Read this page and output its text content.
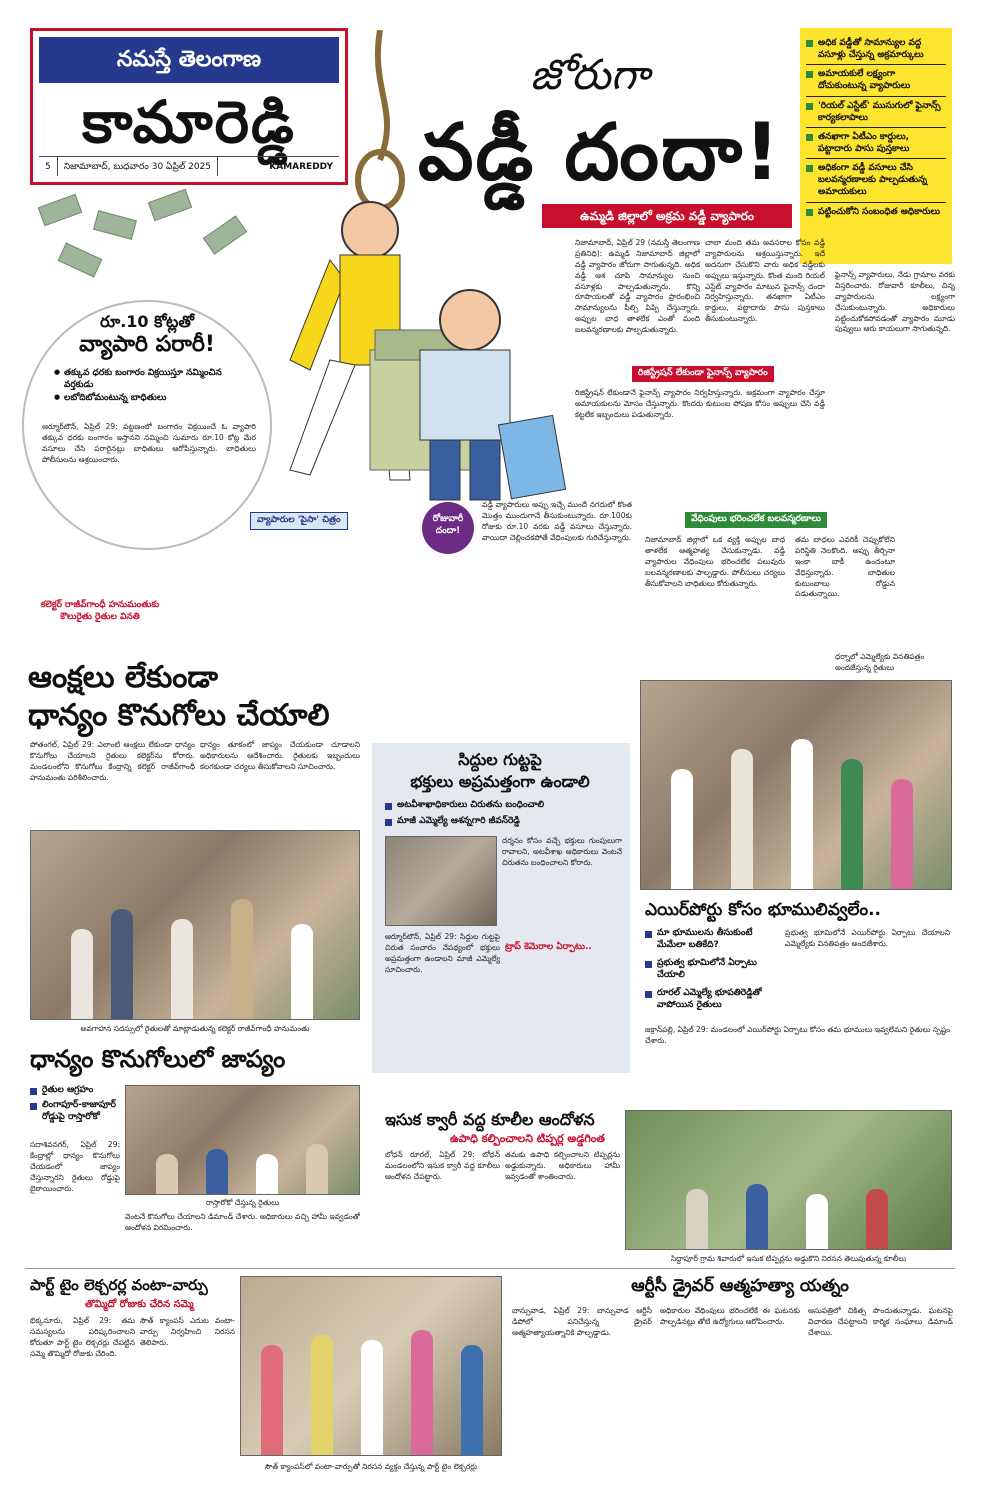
నమస్తే తెలంగాణ
కామారెడ్డి
5	నిజామాబాద్, బుధవారం 30 ఏప్రిల్ 2025	KAMAREDDY
జోరుగా
వడ్డీ దందా!
ఉమ్మడి జిల్లాలో అక్రమ వడ్డీ వ్యాపారం
అధిక వడ్డీతో సామాన్యుల వద్ద వసూళ్లు చేస్తున్న అక్రమార్కులు
అమాయకులే లక్ష్యంగా దోచుకుంటున్న వ్యాపారులు
'రియల్ ఎస్టేట్' ముసుగులో ఫైనాన్స్ కార్యకలాపాలు
తనఖాగా ఏటీఎం కార్డులు, పట్టాదారు పాసు పుస్తకాలు
అధికంగా వడ్డీ వసూలు చేసి బలవన్మరణాలకు పాల్పడుతున్న అమాయకులు
పట్టించుకోని సంబంధిత అధికారులు
నిజామాబాద్, ఏప్రిల్ 29 (నమస్తే తెలంగాణ ప్రతినిధి): ఉమ్మడి నిజామాబాద్ జిల్లాలో వడ్డీ వ్యాపారం జోరుగా సాగుతున్నది. అధిక వడ్డీ ఆశ చూపి సామాన్యుల నుంచి వసూళ్లకు పాల్పడుతున్నారు. కొన్ని రూపాయలతో వడ్డీ వ్యాపారం ప్రారంభించి సామాన్యులను పీల్చి పిప్పి చేస్తున్నారు. అప్పుల బాధ తాళలేక ఎంతో మంది బలవన్మరణాలకు పాల్పడుతున్నారు.
చాలా మంది తమ అవసరాల కోసం వడ్డీ వ్యాపారులను ఆశ్రయిస్తున్నారు. ఇదే అదనుగా చేసుకొని వారు అధిక వడ్డీలకు అప్పులు ఇస్తున్నారు. కొంత మంది రియల్ ఎస్టేట్ వ్యాపారం మాటున ఫైనాన్స్ దందా నిర్వహిస్తున్నారు. తనఖాగా ఏటీఎం కార్డులు, పట్టాదారు పాసు పుస్తకాలు తీసుకుంటున్నారు.
ఫైనాన్స్ వ్యాపారులు, నేడు గ్రామాల వరకు విస్తరించారు. రోజువారీ కూలీలు, చిన్న వ్యాపారులను లక్ష్యంగా చేసుకుంటున్నారు. అధికారులు పట్టించుకోకపోవడంతో వ్యాపారం మూడు పువ్వులు ఆరు కాయలుగా సాగుతున్నది.
రిజిస్ట్రేషన్ లేకుండా ఫైనాన్స్ వ్యాపారం
రిజిస్ట్రేషన్ లేకుండానే ఫైనాన్స్ వ్యాపారం నిర్వహిస్తున్నారు. అక్రమంగా వ్యాపారం చేస్తూ అమాయకులను మోసం చేస్తున్నారు. కొందరు కుటుంబ పోషణ కోసం అప్పులు చేసి వడ్డీ కట్టలేక ఇబ్బందులు పడుతున్నారు.
వ్యాపారుల 'పైసా' చిత్రం	రోజువారీ దందా!
వడ్డీ వ్యాపారులు అప్పు ఇచ్చే ముందే నగదులో కొంత మొత్తం ముందుగానే తీసుకుంటున్నారు. రూ.100కు రోజుకు రూ.10 వరకు వడ్డీ వసూలు చేస్తున్నారు. వాయిదా చెల్లించకపోతే వేధింపులకు గురిచేస్తున్నారు.
వేధింపులు భరించలేక బలవన్మరణాలు
నిజామాబాద్ జిల్లాలో ఒక వ్యక్తి అప్పుల బాధ తాళలేక ఆత్మహత్య చేసుకున్నాడు. వడ్డీ వ్యాపారుల వేధింపులు భరించలేక పలువురు బలవన్మరణాలకు పాల్పడ్డారు. పోలీసులు చర్యలు తీసుకోవాలని బాధితులు కోరుతున్నారు.
తమ బాధలు ఎవరికీ చెప్పుకోలేని పరిస్థితి నెలకొంది. అప్పు తీర్చినా ఇంకా బాకీ ఉందంటూ వేధిస్తున్నారు. బాధితుల కుటుంబాలు రోడ్డున పడుతున్నాయి.
రూ.10 కోట్లతో
వ్యాపారి పరారీ!
● తక్కువ ధరకు బంగారం విక్రయిస్తూ నమ్మించిన వర్తకుడు
● లబోదిబోమంటున్న బాధితులు
ఆర్మూర్‌టౌన్, ఏప్రిల్ 29: పట్టణంలో బంగారం విక్రయించే ఓ వ్యాపారి తక్కువ ధరకు బంగారం ఇస్తానని నమ్మించి సుమారు రూ.10 కోట్ల మేర వసూలు చేసి పరారైనట్లు బాధితులు ఆరోపిస్తున్నారు. బాధితులు పోలీసులను ఆశ్రయించారు.
కలెక్టర్ రాజీవ్‌గాంధీ హనుమంతుకు కౌలురైతు రైతుల వినతి
ఆంక్షలు లేకుండా
ధాన్యం కొనుగోలు చేయాలి
పోతంగల్, ఏప్రిల్ 29: ఎలాంటి ఆంక్షలు లేకుండా ధాన్యం కొనుగోలు చేయాలని రైతులు కలెక్టర్‌ను కోరారు. మండలంలోని కొనుగోలు కేంద్రాన్ని కలెక్టర్ రాజీవ్‌గాంధీ హనుమంతు పరిశీలించారు.
ధాన్యం తూకంలో జాప్యం చేయకుండా చూడాలని అధికారులను ఆదేశించారు. రైతులకు ఇబ్బందులు కలగకుండా చర్యలు తీసుకోవాలని సూచించారు.
అవగాహన సదస్సులో రైతులతో మాట్లాడుతున్న కలెక్టర్ రాజీవ్‌గాంధీ హనుమంతు
సిద్దుల గుట్టపై
భక్తులు అప్రమత్తంగా ఉండాలి
అటవీశాఖాధికారులు చిరుతను బంధించాలి
మాజీ ఎమ్మెల్యే ఆశన్నగారి జీవన్‌రెడ్డి
దర్శనం కోసం వచ్చే భక్తులు గుంపులుగా రావాలని, అటవీశాఖ అధికారులు వెంటనే చిరుతను బంధించాలని కోరారు.
ఆర్మూర్‌టౌన్, ఏప్రిల్ 29: సిద్దుల గుట్టపై చిరుత సంచారం నేపథ్యంలో భక్తులు అప్రమత్తంగా ఉండాలని మాజీ ఎమ్మెల్యే సూచించారు.
ట్రాప్ కెమెరాల ఏర్పాటు..
ధర్నాలో ఎమ్మెల్యేకు వినతిపత్రం అందజేస్తున్న రైతులు
ఎయిర్‌పోర్టు కోసం భూములివ్వలేం..
మా భూములను తీసుకుంటే మేమేలా బతికేది?
ప్రభుత్వ భూమిలోనే ఏర్పాటు చేయాలి
రూరల్ ఎమ్మెల్యే భూపతిరెడ్డితో వాపోయిన రైతులు
ప్రభుత్వ భూమిలోనే ఎయిర్‌పోర్టు ఏర్పాటు చేయాలని ఎమ్మెల్యేకు వినతిపత్రం అందజేశారు.
జక్రాన్‌పల్లి, ఏప్రిల్ 29: మండలంలో ఎయిర్‌పోర్టు ఏర్పాటు కోసం తమ భూములు ఇవ్వలేమని రైతులు స్పష్టం చేశారు.
ధాన్యం కొనుగోలులో జాప్యం
రైతుల ఆగ్రహం
లింగాపూర్-కాజాపూర్ రోడ్డుపై రాస్తారోకో
సదాశివనగర్, ఏప్రిల్ 29: కేంద్రాల్లో ధాన్యం కొనుగోలు చేయడంలో జాప్యం చేస్తున్నారని రైతులు రోడ్డుపై బైఠాయించారు.
రాస్తారోకో చేస్తున్న రైతులు
వెంటనే కొనుగోలు చేయాలని డిమాండ్ చేశారు. అధికారులు వచ్చి హామీ ఇవ్వడంతో ఆందోళన విరమించారు.
ఇసుక క్వారీ వద్ద కూలీల ఆందోళన
ఉపాధి కల్పించాలని టిప్పర్ల అడ్డగింత
బోధన్ రూరల్, ఏప్రిల్ 29: బోధన్ మండలంలోని ఇసుక క్వారీ వద్ద కూలీలు ఆందోళన చేపట్టారు.
తమకు ఉపాధి కల్పించాలని టిప్పర్లను అడ్డుకున్నారు. అధికారులు హామీ ఇవ్వడంతో శాంతించారు.
సిద్దాపూర్ గ్రామ శివారులో ఇసుక టిప్పర్లను అడ్డుకొని నిరసన తెలుపుతున్న కూలీలు
పార్ట్ టైం లెక్చరర్ల వంటా-వార్పు
తొమ్మిదో రోజుకు చేరిన సమ్మె
భిక్కనూరు, ఏప్రిల్ 29: తమ సమస్యలను పరిష్కరించాలని కోరుతూ పార్ట్ టైం లెక్చరర్లు చేపట్టిన సమ్మె తొమ్మిదో రోజుకు చేరింది.
సౌత్ క్యాంపస్ ఎదుట వంటా-వార్పు నిర్వహించి నిరసన తెలిపారు.
సౌత్ క్యాంపస్‌లో వంటా-వార్పుతో నిరసన వ్యక్తం చేస్తున్న పార్ట్ టైం లెక్చరర్లు
ఆర్టీసీ డ్రైవర్ ఆత్మహత్యా యత్నం
బాన్సువాడ, ఏప్రిల్ 29: బాన్సువాడ ఆర్టీసీ డిపోలో పనిచేస్తున్న డ్రైవర్ ఆత్మహత్యాయత్నానికి పాల్పడ్డాడు.
అధికారుల వేధింపులు భరించలేకే ఈ ఘటనకు పాల్పడినట్లు తోటి ఉద్యోగులు ఆరోపించారు.
ఆసుపత్రిలో చికిత్స పొందుతున్నాడు. ఘటనపై విచారణ చేపట్టాలని కార్మిక సంఘాలు డిమాండ్ చేశాయి.
